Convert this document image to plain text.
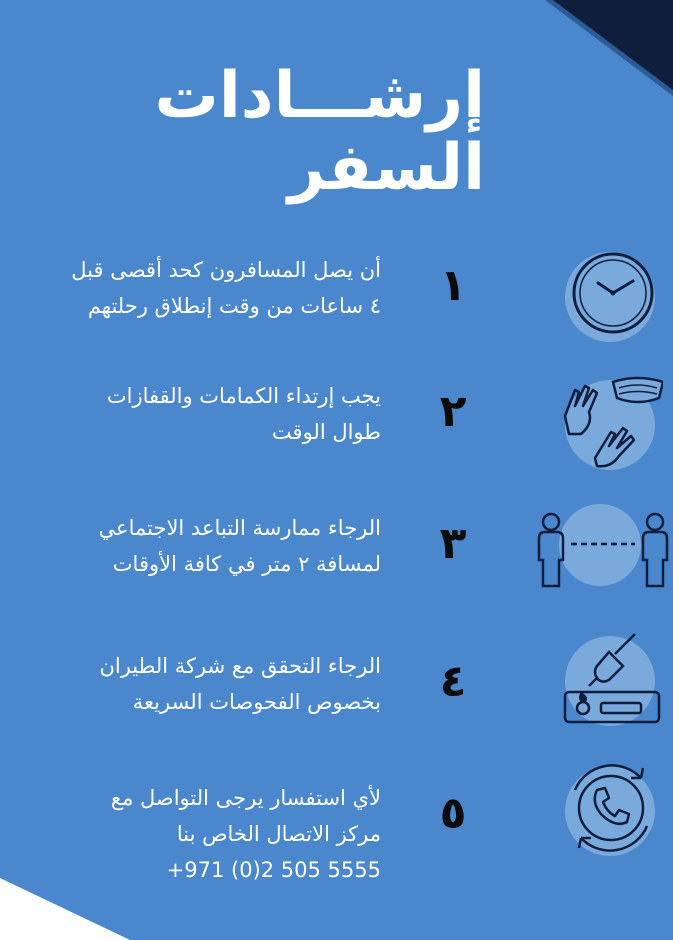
إرشـــادات
السفر
١
أن يصل المسافرون كحد أقصى قبل
٤ ساعات من وقت إنطلاق رحلتهم
٢
يجب إرتداء الكمامات والقفازات
طوال الوقت
٣
الرجاء ممارسة التباعد الاجتماعي
لمسافة ٢ متر في كافة الأوقات
٤
الرجاء التحقق مع شركة الطيران
بخصوص الفحوصات السريعة
٥
لأي استفسار يرجى التواصل مع
مركز الاتصال الخاص بنا
+971 (0)2 505 5555
